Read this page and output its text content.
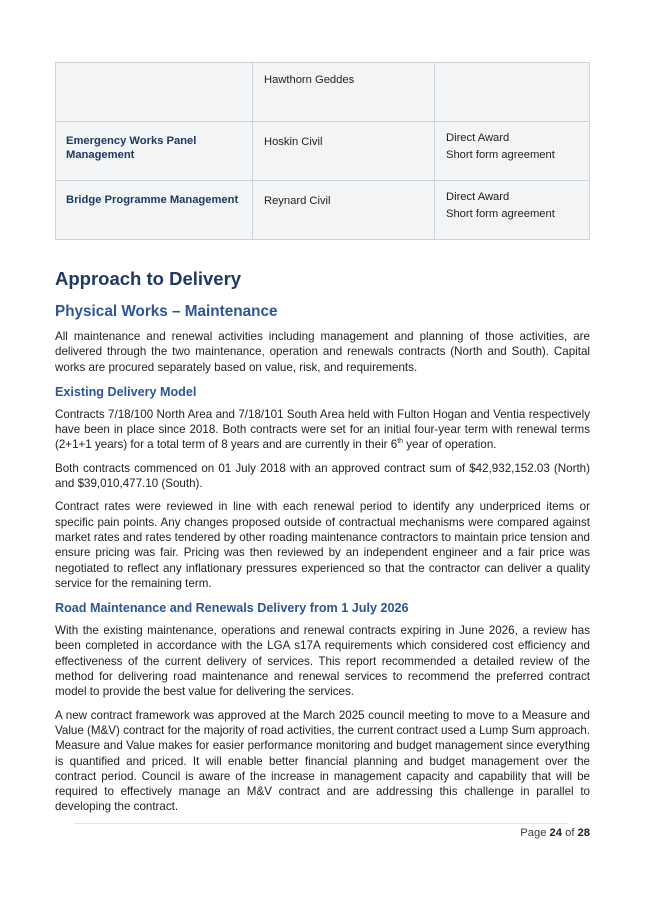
	Hawthorn Geddes	

Emergency Works Panel Management	Hoskin Civil	Direct Award
Short form agreement

Bridge Programme Management	Reynard Civil	Direct Award
Short form agreement
Approach to Delivery
Physical Works – Maintenance

All maintenance and renewal activities including management and planning of those activities, are delivered through the two maintenance, operation and renewals contracts (North and South). Capital works are procured separately based on value, risk, and requirements.

Existing Delivery Model

Contracts 7/18/100 North Area and 7/18/101 South Area held with Fulton Hogan and Ventia respectively have been in place since 2018. Both contracts were set for an initial four-year term with renewal terms (2+1+1 years) for a total term of 8 years and are currently in their 6th year of operation.

Both contracts commenced on 01 July 2018 with an approved contract sum of $42,932,152.03 (North) and $39,010,477.10 (South).

Contract rates were reviewed in line with each renewal period to identify any underpriced items or specific pain points. Any changes proposed outside of contractual mechanisms were compared against market rates and rates tendered by other roading maintenance contractors to maintain price tension and ensure pricing was fair. Pricing was then reviewed by an independent engineer and a fair price was negotiated to reflect any inflationary pressures experienced so that the contractor can deliver a quality service for the remaining term.

Road Maintenance and Renewals Delivery from 1 July 2026

With the existing maintenance, operations and renewal contracts expiring in June 2026, a review has been completed in accordance with the LGA s17A requirements which considered cost efficiency and effectiveness of the current delivery of services. This report recommended a detailed review of the method for delivering road maintenance and renewal services to recommend the preferred contract model to provide the best value for delivering the services.

A new contract framework was approved at the March 2025 council meeting to move to a Measure and Value (M&V) contract for the majority of road activities, the current contract used a Lump Sum approach. Measure and Value makes for easier performance monitoring and budget management since everything is quantified and priced. It will enable better financial planning and budget management over the contract period. Council is aware of the increase in management capacity and capability that will be required to effectively manage an M&V contract and are addressing this challenge in parallel to developing the contract.

Page 24 of 28
